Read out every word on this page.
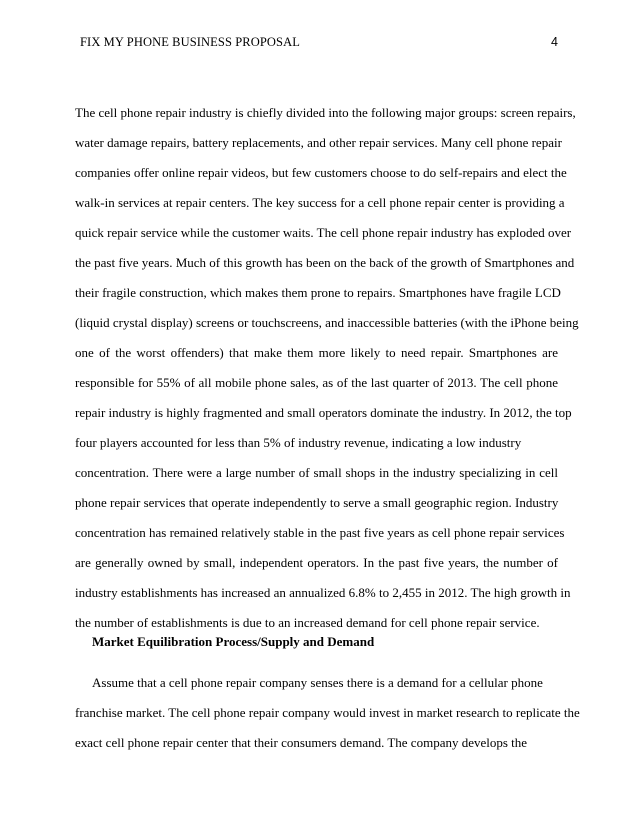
FIX MY PHONE BUSINESS PROPOSAL	4
The cell phone repair industry is chiefly divided into the following major groups: screen repairs,
water damage repairs, battery replacements, and other repair services. Many cell phone repair
companies offer online repair videos, but few customers choose to do self-repairs and elect the
walk-in services at repair centers. The key success for a cell phone repair center is providing a
quick repair service while the customer waits. The cell phone repair industry has exploded over
the past five years. Much of this growth has been on the back of the growth of Smartphones and
their fragile construction, which makes them prone to repairs. Smartphones have fragile LCD
(liquid crystal display) screens or touchscreens, and inaccessible batteries (with the iPhone being
one of the worst offenders) that make them more likely to need repair. Smartphones are
responsible for 55% of all mobile phone sales, as of the last quarter of 2013. The cell phone
repair industry is highly fragmented and small operators dominate the industry. In 2012, the top
four players accounted for less than 5% of industry revenue, indicating a low industry
concentration. There were a large number of small shops in the industry specializing in cell
phone repair services that operate independently to serve a small geographic region. Industry
concentration has remained relatively stable in the past five years as cell phone repair services
are generally owned by small, independent operators. In the past five years, the number of
industry establishments has increased an annualized 6.8% to 2,455 in 2012. The high growth in
the number of establishments is due to an increased demand for cell phone repair service.
Market Equilibration Process/Supply and Demand
Assume that a cell phone repair company senses there is a demand for a cellular phone
franchise market. The cell phone repair company would invest in market research to replicate the
exact cell phone repair center that their consumers demand. The company develops the
